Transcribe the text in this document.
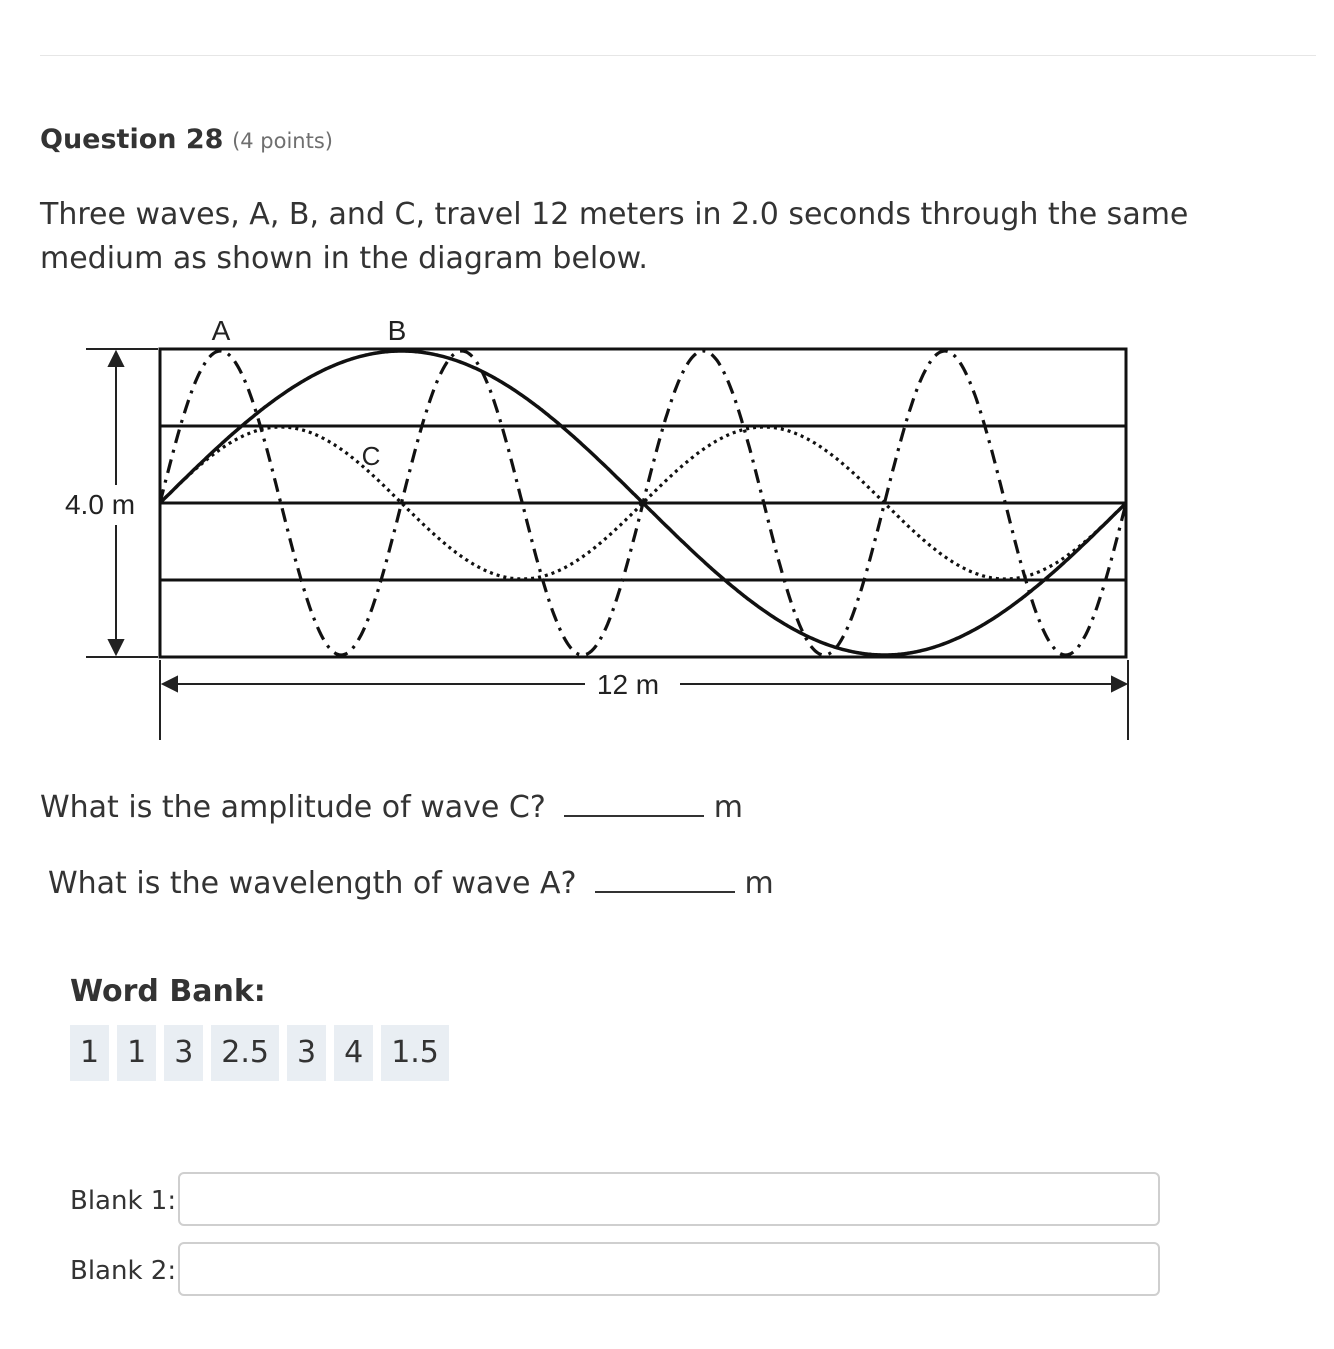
Question 28 (4 points)
Three waves, A, B, and C, travel 12 meters in 2.0 seconds through the same medium as shown in the diagram below.
A	B
C
4.0 m
12 m
What is the amplitude of wave C?	m
What is the wavelength of wave A?	m
Word Bank:
1 1 3 2.5 3 4 1.5
Blank 1:
Blank 2:
